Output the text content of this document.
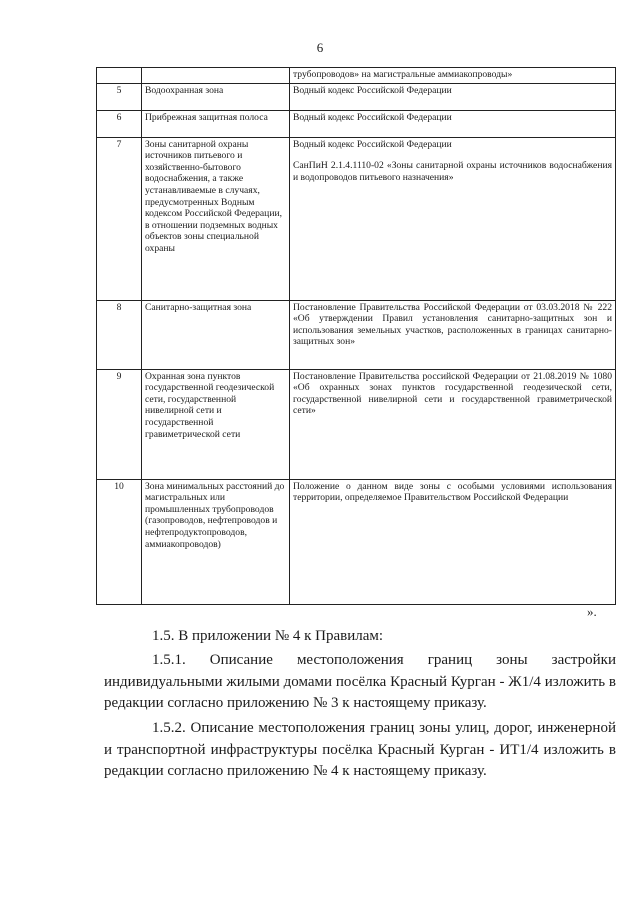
6

		трубопроводов» на магистральные аммиакопроводы»

5	Водоохранная зона	Водный кодекс Российской Федерации

6	Прибрежная защитная полоса	Водный кодекс Российской Федерации

7	Зоны санитарной охраны источников питьевого и хозяйственно-бытового водоснабжения, а также устанавливаемые в случаях, предусмотренных Водным кодексом Российской Федерации, в отношении подземных водных объектов зоны специальной охраны	Водный кодекс Российской Федерации
СанПиН 2.1.4.1110-02 «Зоны санитарной охраны источников водоснабжения и водопроводов питьевого назначения»

8	Санитарно-защитная зона	Постановление Правительства Российской Федерации от 03.03.2018 № 222 «Об утверждении Правил установления санитарно-защитных зон и использования земельных участков, расположенных в границах санитарно-защитных зон»

9	Охранная зона пунктов государственной геодезической сети, государственной нивелирной сети и государственной гравиметрической сети	Постановление Правительства российской Федерации от 21.08.2019 № 1080 «Об охранных зонах пунктов государственной геодезической сети, государственной нивелирной сети и государственной гравиметрической сети»

10	Зона минимальных расстояний до магистральных или промышленных трубопроводов (газопроводов, нефтепроводов и нефтепродуктопроводов, аммиакопроводов)	Положение о данном виде зоны с особыми условиями использования территории, определяемое Правительством Российской Федерации
».
1.5. В приложении № 4 к Правилам:
1.5.1. Описание местоположения границ зоны застройки индивидуальными жилыми домами посёлка Красный Курган - Ж1/4 изложить в редакции согласно приложению № 3 к настоящему приказу.
1.5.2. Описание местоположения границ зоны улиц, дорог, инженерной и транспортной инфраструктуры посёлка Красный Курган - ИТ1/4 изложить в редакции согласно приложению № 4 к настоящему приказу.
